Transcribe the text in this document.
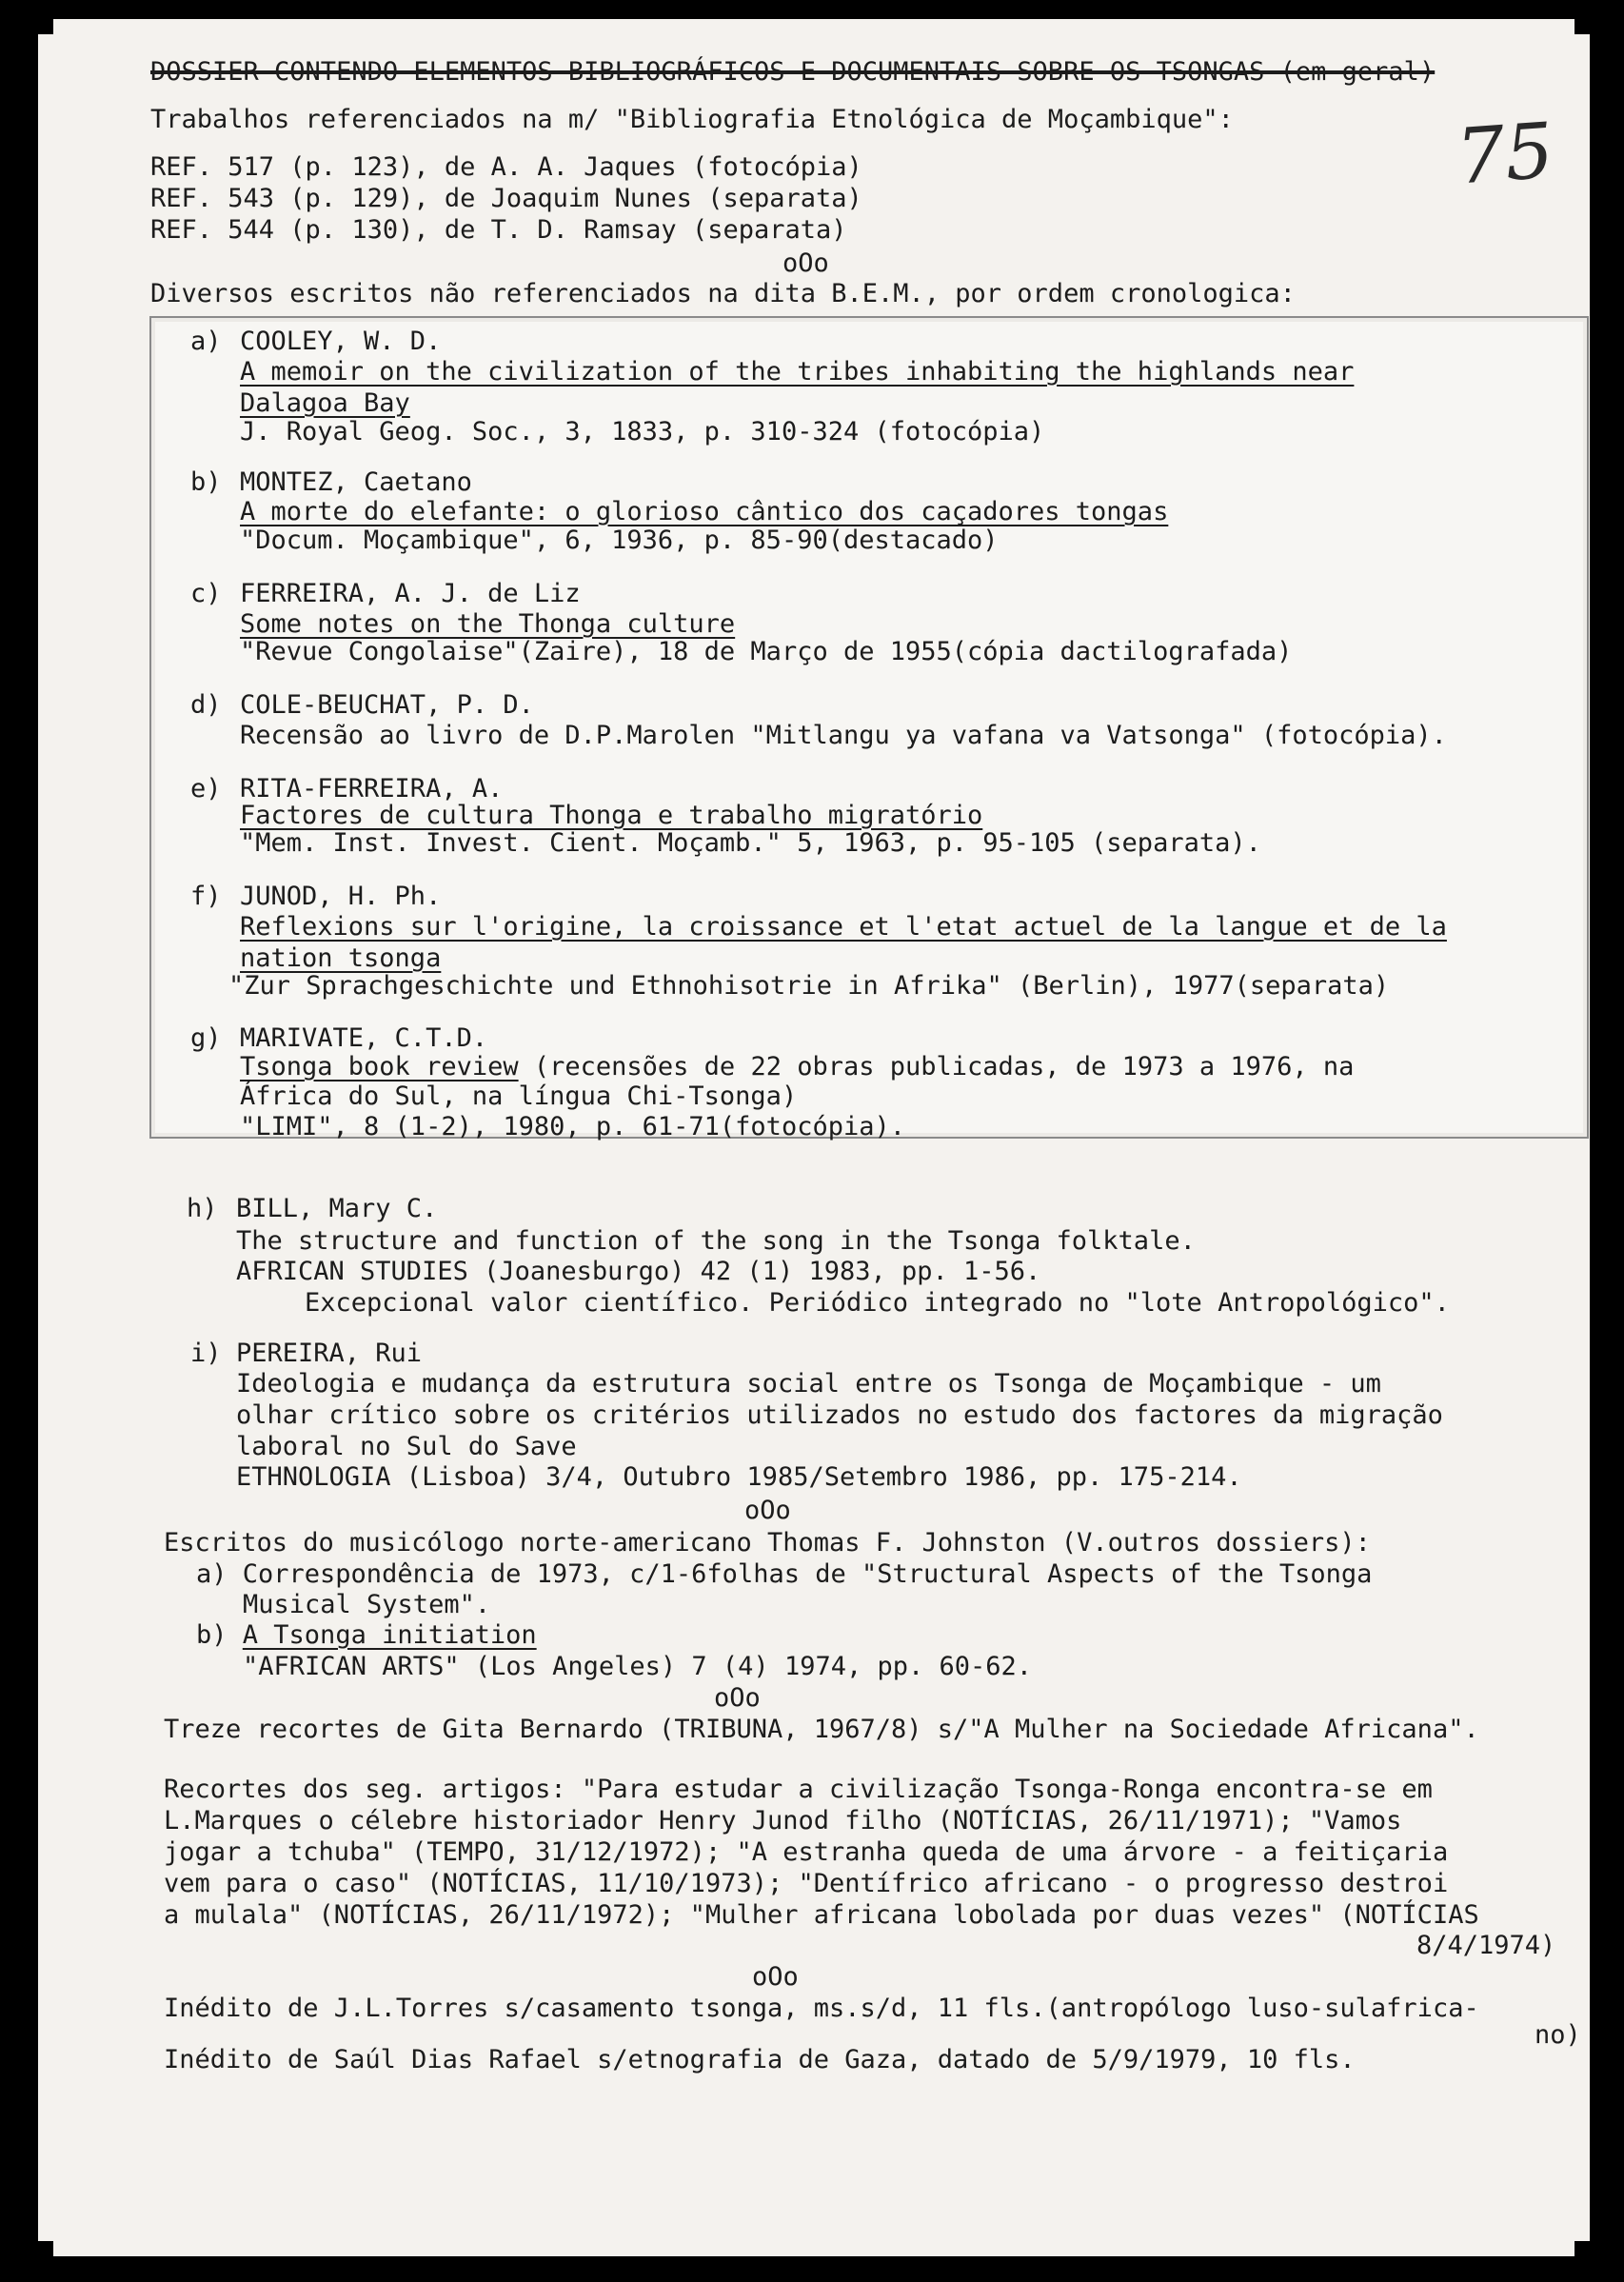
75
DOSSIER CONTENDO ELEMENTOS BIBLIOGRÁFICOS E DOCUMENTAIS SOBRE OS TSONGAS (em geral)
Trabalhos referenciados na m/ "Bibliografia Etnológica de Moçambique":
REF. 517 (p. 123), de A. A. Jaques (fotocópia)
REF. 543 (p. 129), de Joaquim Nunes (separata)
REF. 544 (p. 130), de T. D. Ramsay (separata)
oOo
Diversos escritos não referenciados na dita B.E.M., por ordem cronologica:
a) COOLEY, W. D.
A memoir on the civilization of the tribes inhabiting the highlands near
Dalagoa Bay
J. Royal Geog. Soc., 3, 1833, p. 310-324 (fotocópia)
b) MONTEZ, Caetano
A morte do elefante: o glorioso cântico dos caçadores tongas
"Docum. Moçambique", 6, 1936, p. 85-90(destacado)
c) FERREIRA, A. J. de Liz
Some notes on the Thonga culture
"Revue Congolaise"(Zaire), 18 de Março de 1955(cópia dactilografada)
d) COLE-BEUCHAT, P. D.
Recensão ao livro de D.P.Marolen "Mitlangu ya vafana va Vatsonga" (fotocópia).
e) RITA-FERREIRA, A.
Factores de cultura Thonga e trabalho migratório
"Mem. Inst. Invest. Cient. Moçamb." 5, 1963, p. 95-105 (separata).
f) JUNOD, H. Ph.
Reflexions sur l'origine, la croissance et l'etat actuel de la langue et de la
nation tsonga
"Zur Sprachgeschichte und Ethnohisotrie in Afrika" (Berlin), 1977(separata)
g) MARIVATE, C.T.D.
Tsonga book review (recensões de 22 obras publicadas, de 1973 a 1976, na
África do Sul, na língua Chi-Tsonga)
"LIMI", 8 (1-2), 1980, p. 61-71(fotocópia).
h) BILL, Mary C.
The structure and function of the song in the Tsonga folktale.
AFRICAN STUDIES (Joanesburgo) 42 (1) 1983, pp. 1-56.
Excepcional valor científico. Periódico integrado no "lote Antropológico".
i) PEREIRA, Rui
Ideologia e mudança da estrutura social entre os Tsonga de Moçambique - um
olhar crítico sobre os critérios utilizados no estudo dos factores da migração
laboral no Sul do Save
ETHNOLOGIA (Lisboa) 3/4, Outubro 1985/Setembro 1986, pp. 175-214.
oOo
Escritos do musicólogo norte-americano Thomas F. Johnston (V.outros dossiers):
a) Correspondência de 1973, c/1-6folhas de "Structural Aspects of the Tsonga
Musical System".
b) A Tsonga initiation
"AFRICAN ARTS" (Los Angeles) 7 (4) 1974, pp. 60-62.
oOo
Treze recortes de Gita Bernardo (TRIBUNA, 1967/8) s/"A Mulher na Sociedade Africana".
Recortes dos seg. artigos: "Para estudar a civilização Tsonga-Ronga encontra-se em
L.Marques o célebre historiador Henry Junod filho (NOTÍCIAS, 26/11/1971); "Vamos
jogar a tchuba" (TEMPO, 31/12/1972); "A estranha queda de uma árvore - a feitiçaria
vem para o caso" (NOTÍCIAS, 11/10/1973); "Dentífrico africano - o progresso destroi
a mulala" (NOTÍCIAS, 26/11/1972); "Mulher africana lobolada por duas vezes" (NOTÍCIAS
8/4/1974)
oOo
Inédito de J.L.Torres s/casamento tsonga, ms.s/d, 11 fls.(antropólogo luso-sulafrica-
no)
Inédito de Saúl Dias Rafael s/etnografia de Gaza, datado de 5/9/1979, 10 fls.
